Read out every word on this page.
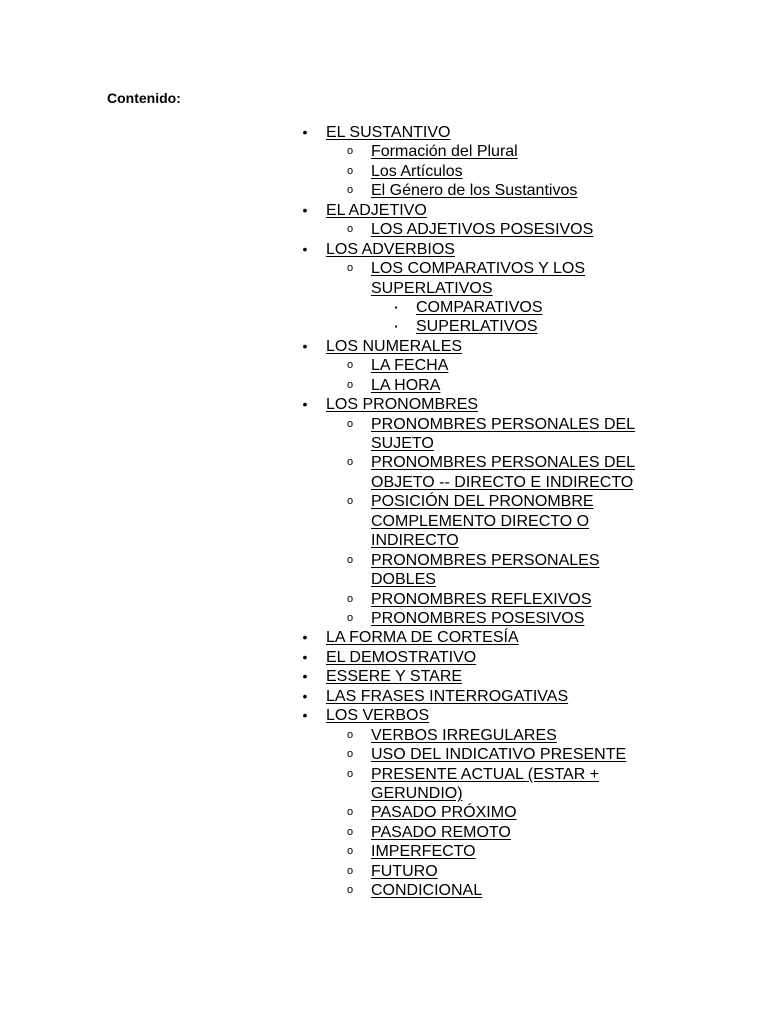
Contenido:
• EL SUSTANTIVO
o Formación del Plural
o Los Artículos
o El Género de los Sustantivos
• EL ADJETIVO
o LOS ADJETIVOS POSESIVOS
• LOS ADVERBIOS
o LOS COMPARATIVOS Y LOS SUPERLATIVOS
▪ COMPARATIVOS
▪ SUPERLATIVOS
• LOS NUMERALES
o LA FECHA
o LA HORA
• LOS PRONOMBRES
o PRONOMBRES PERSONALES DEL SUJETO
o PRONOMBRES PERSONALES DEL OBJETO -- DIRECTO E INDIRECTO
o POSICIÓN DEL PRONOMBRE COMPLEMENTO DIRECTO O INDIRECTO
o PRONOMBRES PERSONALES DOBLES
o PRONOMBRES REFLEXIVOS
o PRONOMBRES POSESIVOS
• LA FORMA DE CORTESÍA
• EL DEMOSTRATIVO
• ESSERE Y STARE
• LAS FRASES INTERROGATIVAS
• LOS VERBOS
o VERBOS IRREGULARES
o USO DEL INDICATIVO PRESENTE
o PRESENTE ACTUAL (ESTAR + GERUNDIO)
o PASADO PRÓXIMO
o PASADO REMOTO
o IMPERFECTO
o FUTURO
o CONDICIONAL
